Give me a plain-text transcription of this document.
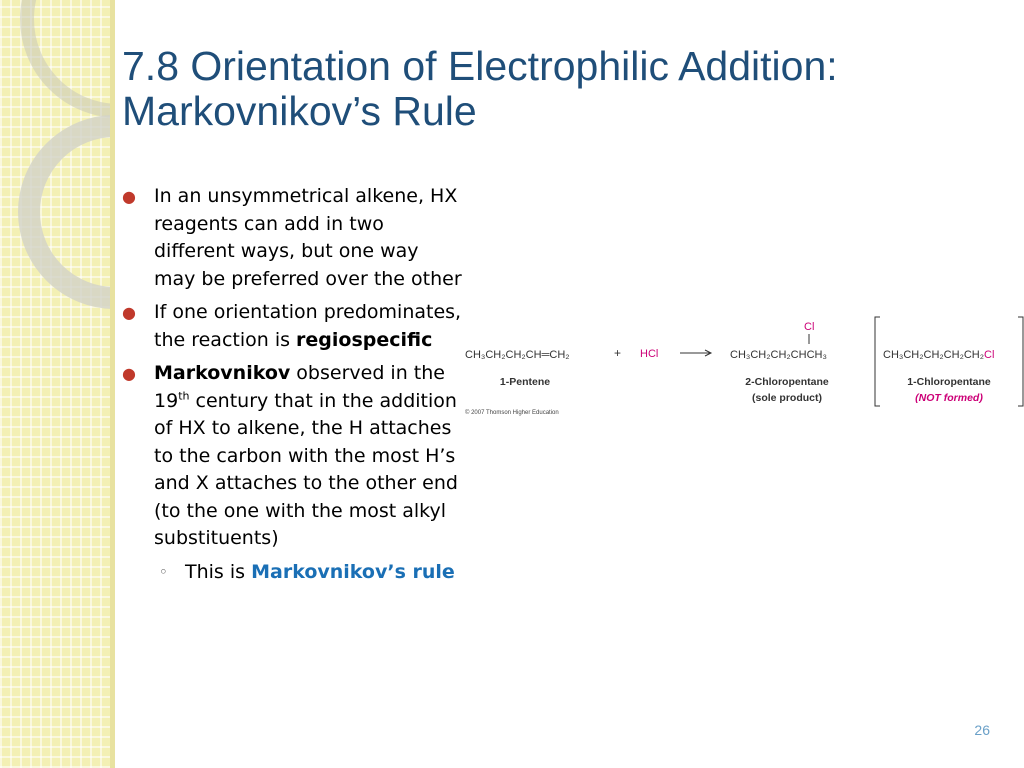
7.8 Orientation of Electrophilic Addition:
Markovnikov’s Rule
● In an unsymmetrical alkene, HX reagents can add in two different ways, but one way may be preferred over the other
● If one orientation predominates, the reaction is regiospecific
● Markovnikov observed in the 19th century that in the addition of HX to alkene, the H attaches to the carbon with the most H’s and X attaches to the other end (to the one with the most alkyl substituents)
◦ This is Markovnikov’s rule
CH₃CH₂CH₂CH═CH₂	+ HCl
Cl
CH₃CH₂CH₂CHCH₃	CH₃CH₂CH₂CH₂CH₂Cl
1-Pentene	2-Chloropentane
(sole product)
1-Chloropentane
(NOT formed)
© 2007 Thomson Higher Education
26
